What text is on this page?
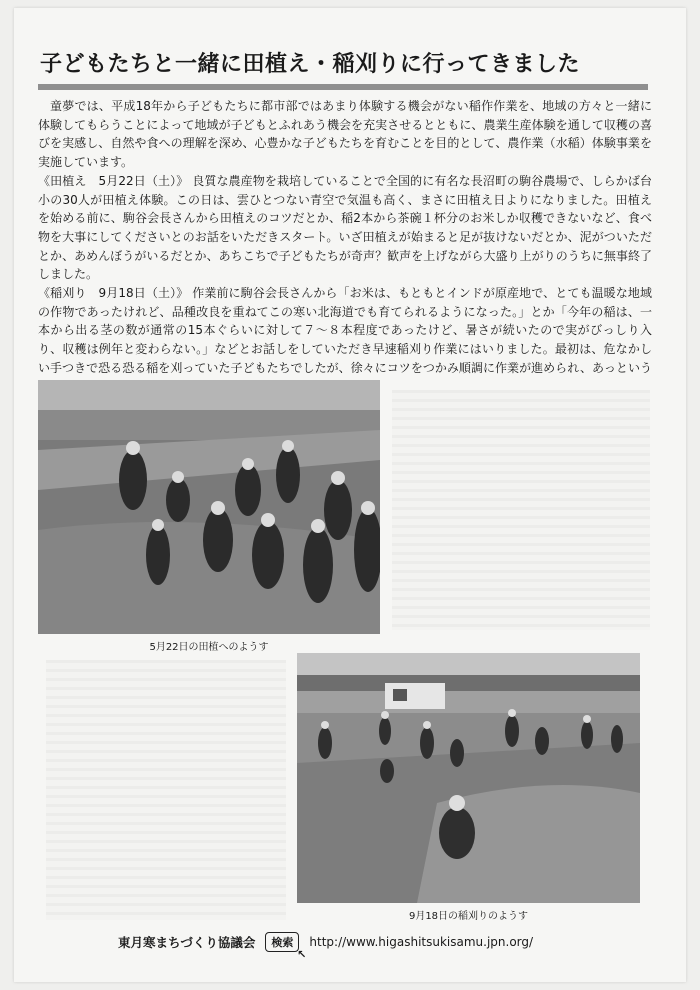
子どもたちと一緒に田植え・稲刈りに行ってきました

童夢では、平成18年から子どもたちに都市部ではあまり体験する機会がない稲作作業を、地域の方々と一緒に体験してもらうことによって地域が子どもとふれあう機会を充実させるとともに、農業生産体験を通して収穫の喜びを実感し、自然や食への理解を深め、心豊かな子どもたちを育むことを目的として、農作業（水稲）体験事業を実施しています。

《田植え　5月22日（土）》 良質な農産物を栽培していることで全国的に有名な長沼町の駒谷農場で、しらかば台小の30人が田植え体験。この日は、雲ひとつない青空で気温も高く、まさに田植え日よりになりました。田植えを始める前に、駒谷会長さんから田植えのコツだとか、稲2本から茶碗１杯分のお米しか収穫できないなど、食べ物を大事にしてくださいとのお話をいただきスタート。いざ田植えが始まると足が抜けないだとか、泥がついただとか、あめんぼうがいるだとか、あちこちで子どもたちが奇声？歓声を上げながら大盛り上がりのうちに無事終了しました。

《稲刈り　9月18日（土）》 作業前に駒谷会長さんから「お米は、もともとインドが原産地で、とても温暖な地域の作物であったけれど、品種改良を重ねてこの寒い北海道でも育てられるようになった。」とか「今年の稲は、一本から出る茎の数が通常の15本ぐらいに対して７～８本程度であったけど、暑さが続いたので実がびっしり入り、収穫は例年と変わらない。」などとお話しをしていただき早速稲刈り作業にはいりました。最初は、危なかしい手つきで恐る恐る稲を刈っていた子どもたちでしたが、徐々にコツをつかみ順調に作業が進められ、あっという

5月22日の田植へのようす
9月18日の稲刈りのようす
東月寒まちづくり協議会	検索
↖
http://www.higashitsukisamu.jpn.org/
